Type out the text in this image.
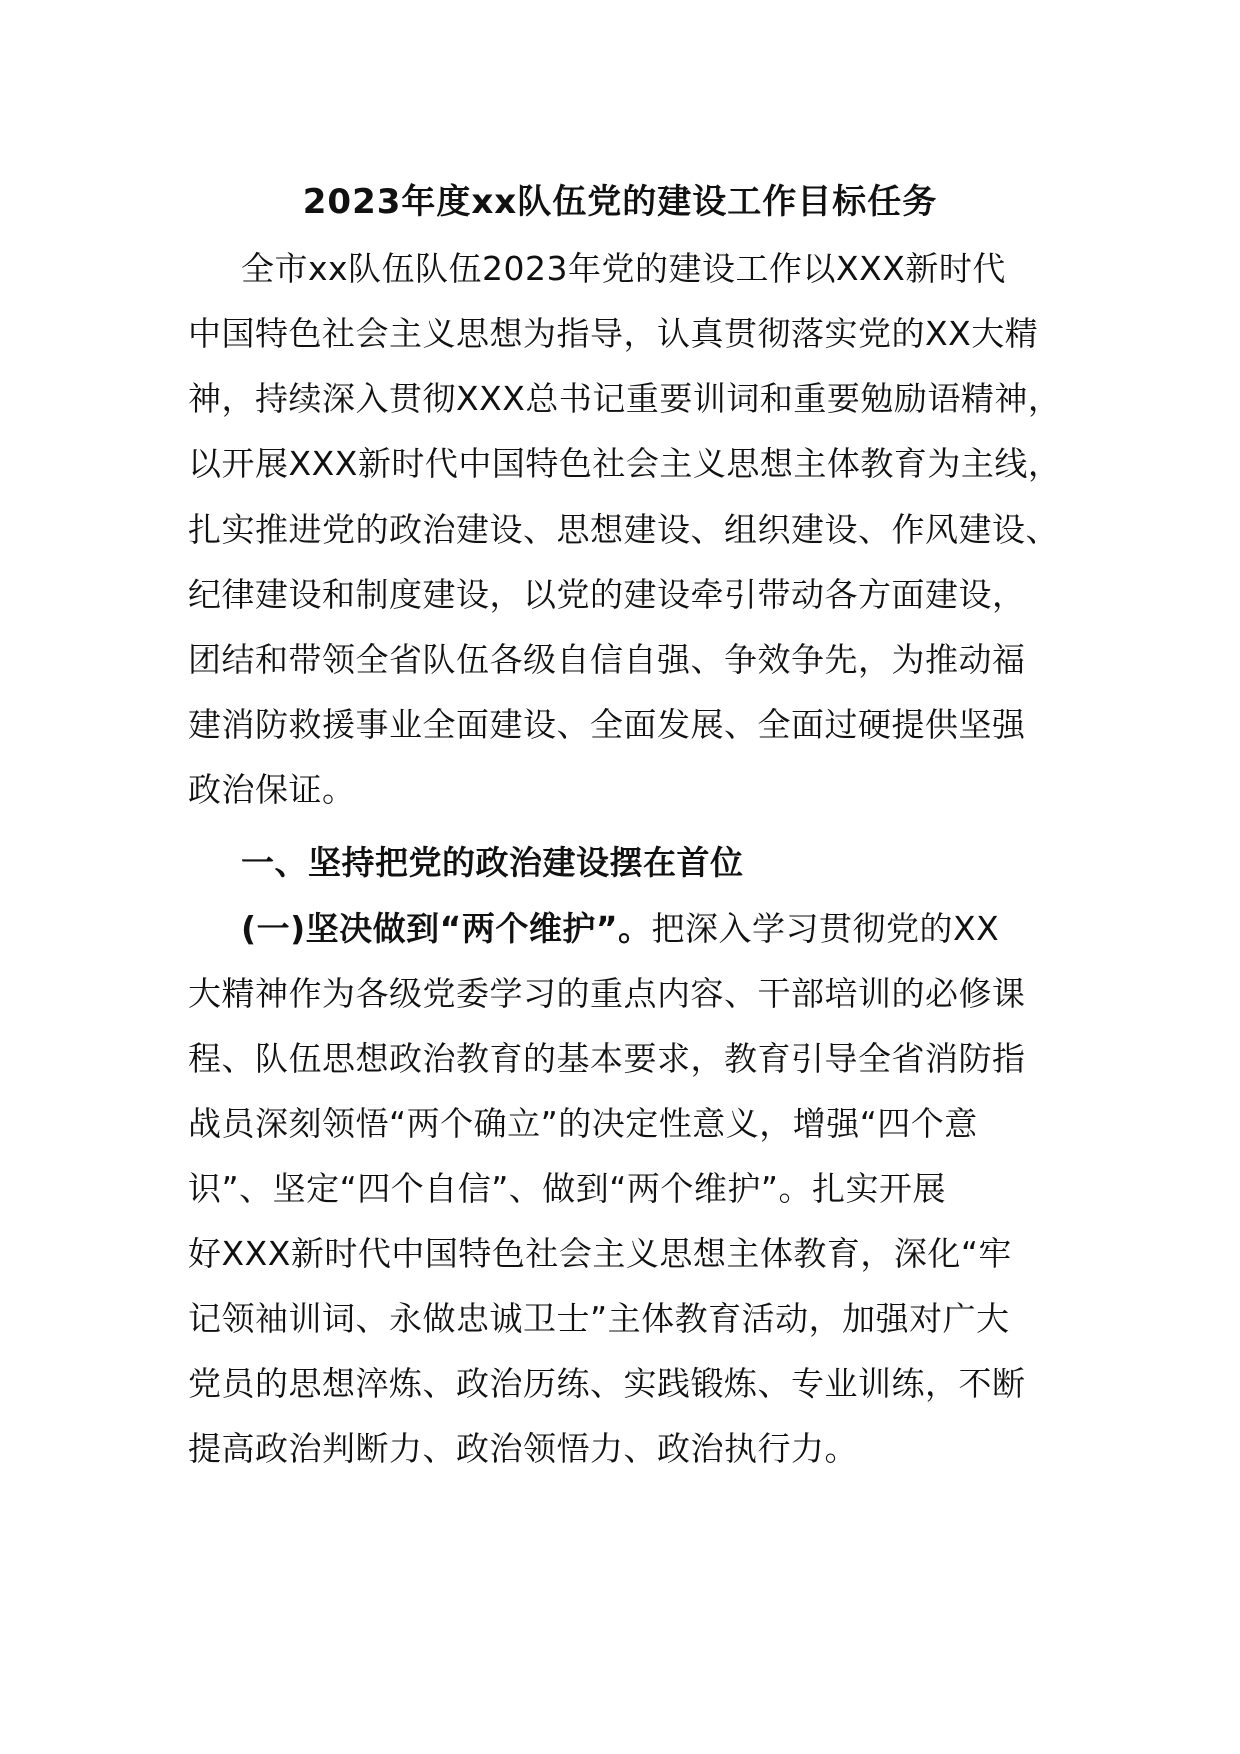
2023年度xx队伍党的建设工作目标任务
全市xx队伍队伍2023年党的建设工作以XXX新时代
中国特色社会主义思想为指导，认真贯彻落实党的XX大精
神，持续深入贯彻XXX总书记重要训词和重要勉励语精神，
以开展XXX新时代中国特色社会主义思想主体教育为主线，
扎实推进党的政治建设、思想建设、组织建设、作风建设、
纪律建设和制度建设，以党的建设牵引带动各方面建设，
团结和带领全省队伍各级自信自强、争效争先，为推动福
建消防救援事业全面建设、全面发展、全面过硬提供坚强
政治保证。
一、坚持把党的政治建设摆在首位
(一)坚决做到“两个维护”。把深入学习贯彻党的XX
大精神作为各级党委学习的重点内容、干部培训的必修课
程、队伍思想政治教育的基本要求，教育引导全省消防指
战员深刻领悟“两个确立”的决定性意义，增强“四个意
识”、坚定“四个自信”、做到“两个维护”。扎实开展
好XXX新时代中国特色社会主义思想主体教育，深化“牢
记领袖训词、永做忠诚卫士”主体教育活动，加强对广大
党员的思想淬炼、政治历练、实践锻炼、专业训练，不断
提高政治判断力、政治领悟力、政治执行力。
